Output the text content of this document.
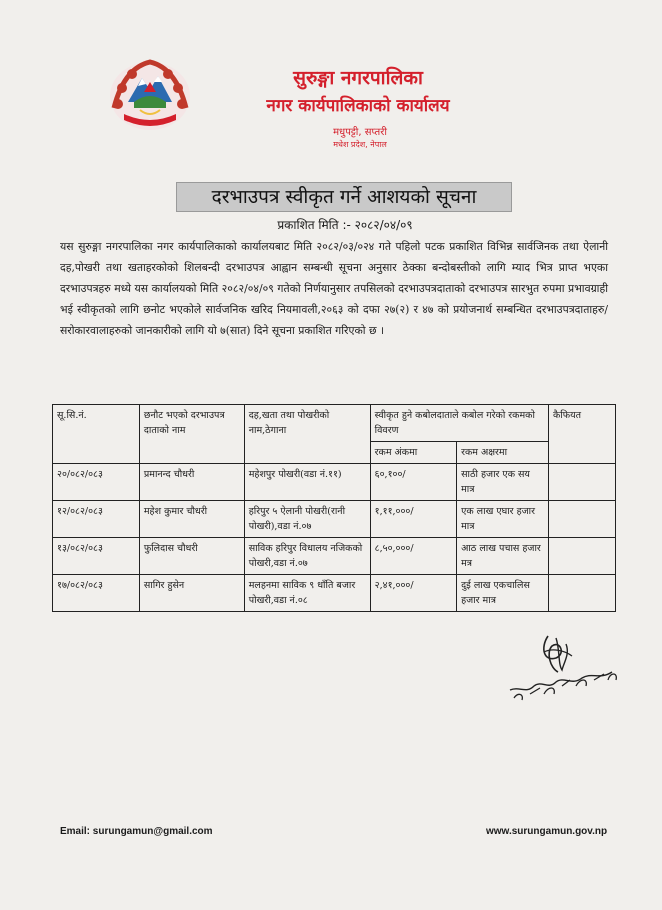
सुरुङ्गा नगरपालिका
नगर कार्यपालिकाको कार्यालय
मधुपट्टी, सप्तरी
मधेश प्रदेश, नेपाल
दरभाउपत्र स्वीकृत गर्ने आशयको सूचना
प्रकाशित मिति :- २०८२/०४/०९
यस सुरुङ्गा नगरपालिका नगर कार्यपालिकाको कार्यालयबाट मिति २०८२/०३/०२४ गते पहिलो पटक प्रकाशित विभिन्न सार्वजिनक तथा ऐलानी दह,पोखरी तथा खताहरकोको शिलबन्दी दरभाउपत्र आह्वान सम्बन्धी सूचना अनुसार ठेक्का बन्दोबस्तीको लागि म्याद भित्र प्राप्त भएका दरभाउपत्रहरु मध्ये यस कार्यालयको मिति २०८२/०४/०९ गतेको निर्णयानुसार तपसिलको दरभाउपत्रदाताको दरभाउपत्र सारभुत रुपमा प्रभावग्राही भई स्वीकृतको लागि छनोट भएकोले सार्वजनिक खरिद नियमावली,२०६३ को दफा २७(२) र ४७ को प्रयोजनार्थ सम्बन्धित दरभाउपत्रदाताहरु/सरोकारवालाहरुको जानकारीको लागि यो ७(सात) दिने सूचना प्रकाशित गरिएको छ ।
सू.सि.नं.	छनौट भएको दरभाउपत्र दाताको नाम	दह,खता तथा पोखरीको नाम,ठेगाना	स्वीकृत हुने कबोलदाताले कबोल गरेको रकमको विवरण		कैफियत
			रकम अंकमा	रकम अक्षरमा	
२०/०८२/०८३	प्रमानन्द चौधरी	महेशपुर पोखरी(वडा नं.११)	६०,१००/	साठी हजार एक सय मात्र	
१२/०८२/०८३	महेश कुमार चौधरी	हरिपुर ५ ऐलानी पोखरी(रानी पोखरी),वडा नं.०७	१,११,०००/	एक लाख एघार हजार मात्र	
१३/०८२/०८३	फुलिदास चौधरी	साविक हरिपुर विधालय नजिकको पोखरी,वडा नं.०७	८,५०,०००/	आठ लाख पचास हजार मत्र	
१७/०८२/०८३	सागिर हुसेन	मलहनमा साविक ९ धाँति बजार पोखरी,वडा नं.०८	२,४१,०००/	दुई लाख एकचालिस हजार मात्र	
Email: surungamun@gmail.com	www.surungamun.gov.np
